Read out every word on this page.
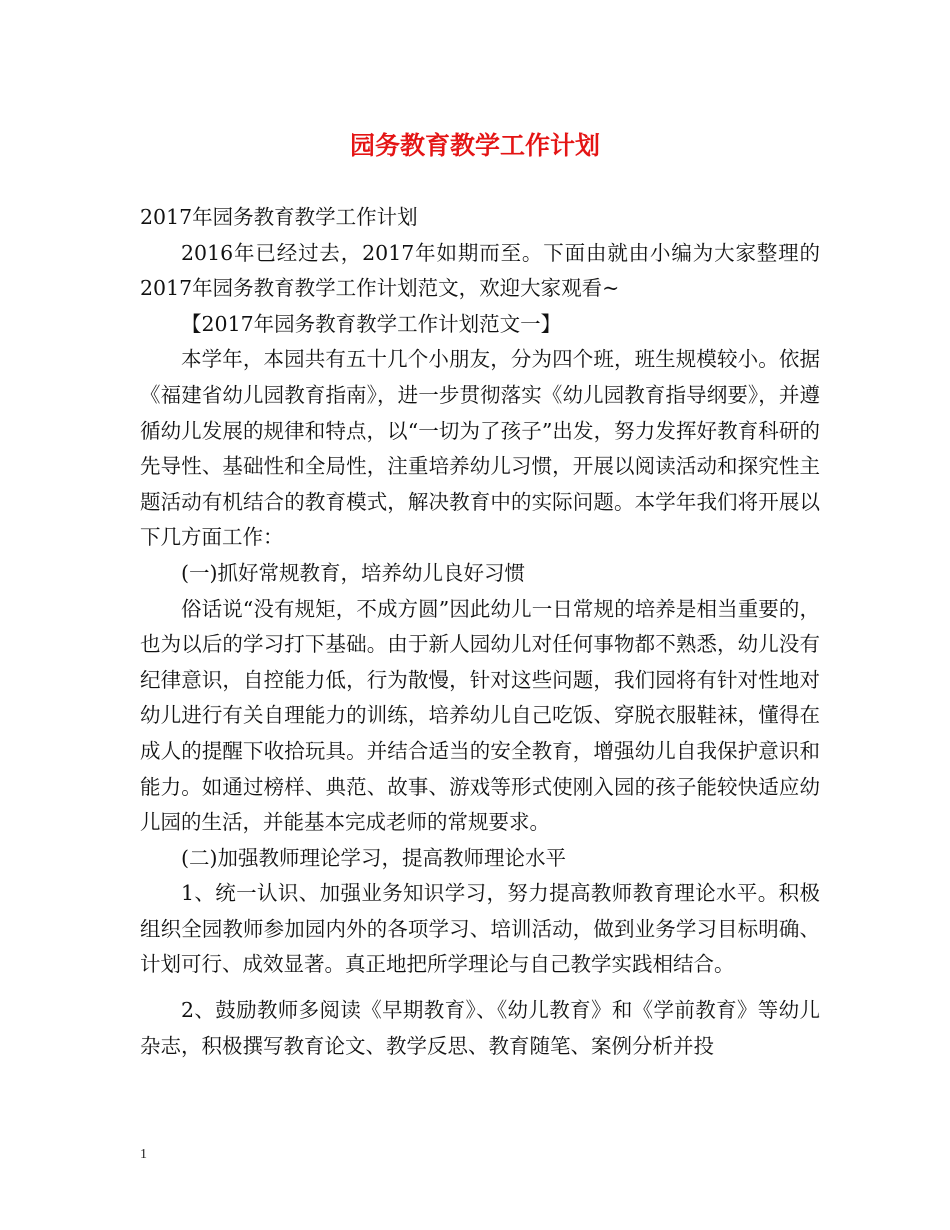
园务教育教学工作计划

2017年园务教育教学工作计划

2016年已经过去，2017年如期而至。下面由就由小编为大家整理的2017年园务教育教学工作计划范文，欢迎大家观看~

【2017年园务教育教学工作计划范文一】

本学年，本园共有五十几个小朋友，分为四个班，班生规模较小。依据《福建省幼儿园教育指南》，进一步贯彻落实《幼儿园教育指导纲要》，并遵循幼儿发展的规律和特点，以“一切为了孩子”出发，努力发挥好教育科研的先导性、基础性和全局性，注重培养幼儿习惯，开展以阅读活动和探究性主题活动有机结合的教育模式，解决教育中的实际问题。本学年我们将开展以下几方面工作：

(一)抓好常规教育，培养幼儿良好习惯

俗话说“没有规矩，不成方圆”因此幼儿一日常规的培养是相当重要的，也为以后的学习打下基础。由于新人园幼儿对任何事物都不熟悉，幼儿没有纪律意识，自控能力低，行为散慢，针对这些问题，我们园将有针对性地对幼儿进行有关自理能力的训练，培养幼儿自己吃饭、穿脱衣服鞋袜，懂得在成人的提醒下收拾玩具。并结合适当的安全教育，增强幼儿自我保护意识和能力。如通过榜样、典范、故事、游戏等形式使刚入园的孩子能较快适应幼儿园的生活，并能基本完成老师的常规要求。

(二)加强教师理论学习，提高教师理论水平

1、统一认识、加强业务知识学习，努力提高教师教育理论水平。积极组织全园教师参加园内外的各项学习、培训活动，做到业务学习目标明确、计划可行、成效显著。真正地把所学理论与自己教学实践相结合。

2、鼓励教师多阅读《早期教育》、《幼儿教育》和《学前教育》等幼儿杂志，积极撰写教育论文、教学反思、教育随笔、案例分析并投

1
